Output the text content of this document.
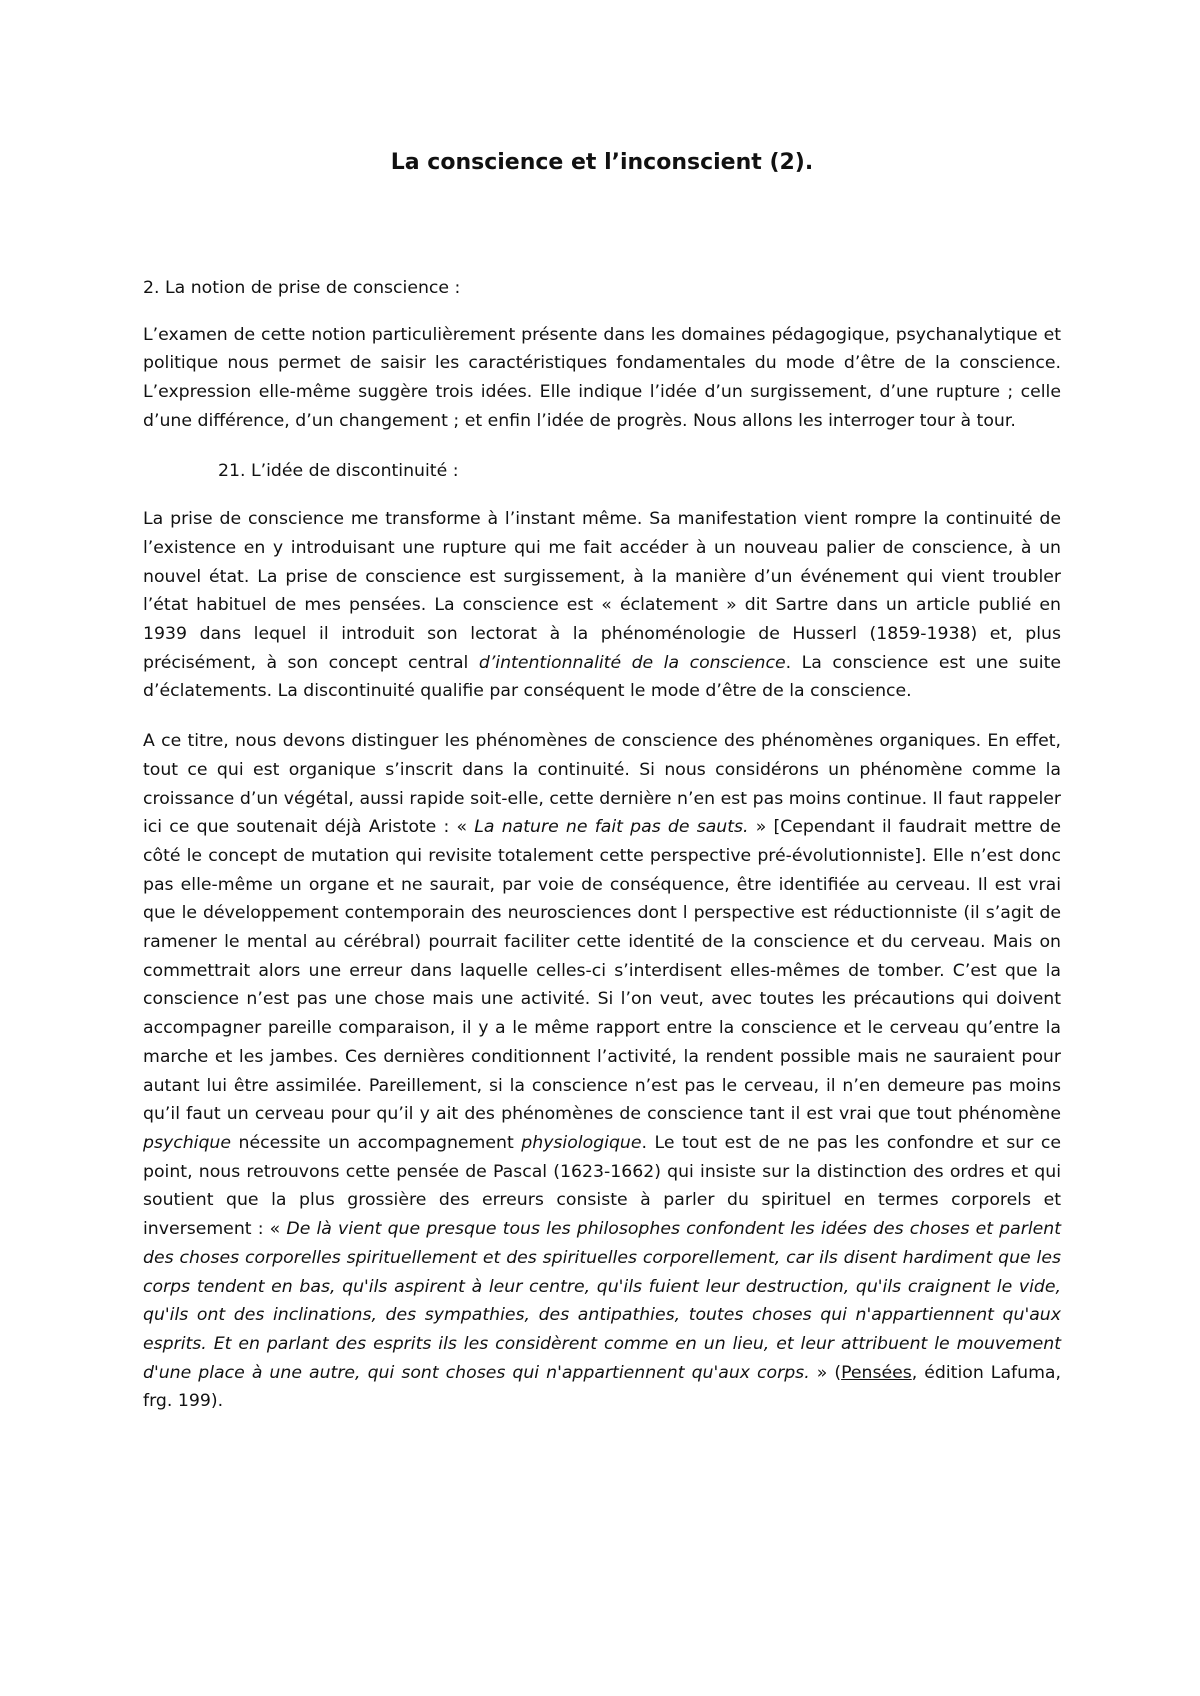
La conscience et l’inconscient (2).
2. La notion de prise de conscience :

L’examen de cette notion particulièrement présente dans les domaines pédagogique, psychanalytique et politique nous permet de saisir les caractéristiques fondamentales du mode d’être de la conscience. L’expression elle-même suggère trois idées. Elle indique l’idée d’un surgissement, d’une rupture ; celle d’une différence, d’un changement ; et enfin l’idée de progrès. Nous allons les interroger tour à tour.

21. L’idée de discontinuité :

La prise de conscience me transforme à l’instant même. Sa manifestation vient rompre la continuité de l’existence en y introduisant une rupture qui me fait accéder à un nouveau palier de conscience, à un nouvel état. La prise de conscience est surgissement, à la manière d’un événement qui vient troubler l’état habituel de mes pensées. La conscience est « éclatement » dit Sartre dans un article publié en 1939 dans lequel il introduit son lectorat à la phénoménologie de Husserl (1859-1938) et, plus précisément, à son concept central d’intentionnalité de la conscience. La conscience est une suite d’éclatements. La discontinuité qualifie par conséquent le mode d’être de la conscience.

A ce titre, nous devons distinguer les phénomènes de conscience des phénomènes organiques. En effet, tout ce qui est organique s’inscrit dans la continuité. Si nous considérons un phénomène comme la croissance d’un végétal, aussi rapide soit-elle, cette dernière n’en est pas moins continue. Il faut rappeler ici ce que soutenait déjà Aristote : « La nature ne fait pas de sauts. » [Cependant il faudrait mettre de côté le concept de mutation qui revisite totalement cette perspective pré-évolutionniste]. Elle n’est donc pas elle-même un organe et ne saurait, par voie de conséquence, être identifiée au cerveau. Il est vrai que le développement contemporain des neurosciences dont l perspective est réductionniste (il s’agit de ramener le mental au cérébral) pourrait faciliter cette identité de la conscience et du cerveau. Mais on commettrait alors une erreur dans laquelle celles-ci s’interdisent elles-mêmes de tomber. C’est que la conscience n’est pas une chose mais une activité. Si l’on veut, avec toutes les précautions qui doivent accompagner pareille comparaison, il y a le même rapport entre la conscience et le cerveau qu’entre la marche et les jambes. Ces dernières conditionnent l’activité, la rendent possible mais ne sauraient pour autant lui être assimilée. Pareillement, si la conscience n’est pas le cerveau, il n’en demeure pas moins qu’il faut un cerveau pour qu’il y ait des phénomènes de conscience tant il est vrai que tout phénomène psychique nécessite un accompagnement physiologique. Le tout est de ne pas les confondre et sur ce point, nous retrouvons cette pensée de Pascal (1623-1662) qui insiste sur la distinction des ordres et qui soutient que la plus grossière des erreurs consiste à parler du spirituel en termes corporels et inversement : « De là vient que presque tous les philosophes confondent les idées des choses et parlent des choses corporelles spirituellement et des spirituelles corporellement, car ils disent hardiment que les corps tendent en bas, qu'ils aspirent à leur centre, qu'ils fuient leur destruction, qu'ils craignent le vide, qu'ils ont des inclinations, des sympathies, des antipathies, toutes choses qui n'appartiennent qu'aux esprits. Et en parlant des esprits ils les considèrent comme en un lieu, et leur attribuent le mouvement d'une place à une autre, qui sont choses qui n'appartiennent qu'aux corps. » (Pensées, édition Lafuma, frg. 199).
